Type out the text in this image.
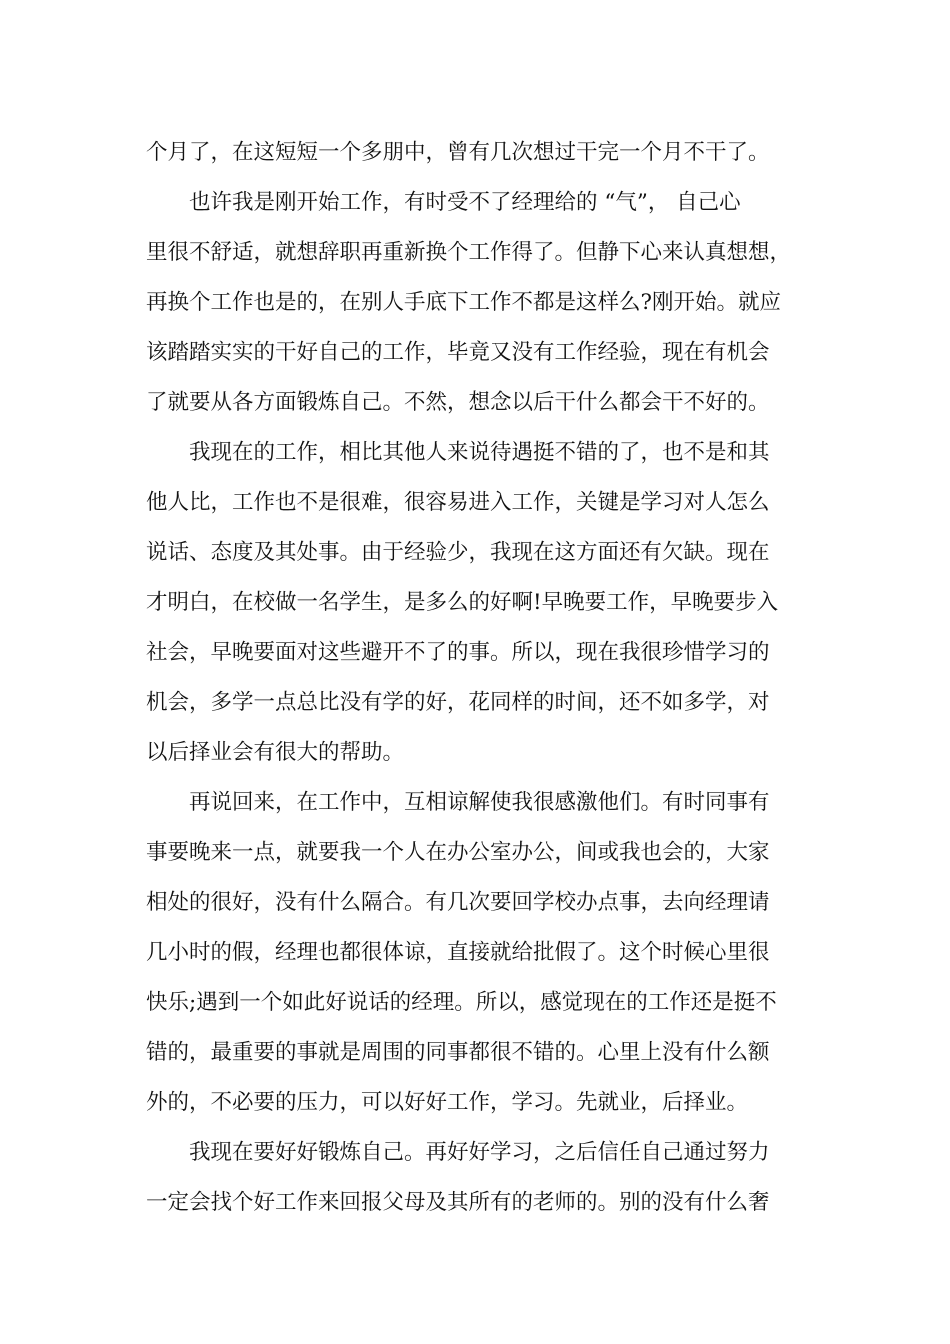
个月了，在这短短一个多朋中，曾有几次想过干完一个月不干了。
也许我是刚开始工作，有时受不了经理给的 “气”， 自己心
里很不舒适，就想辞职再重新换个工作得了。但静下心来认真想想，
再换个工作也是的，在别人手底下工作不都是这样么?刚开始。就应
该踏踏实实的干好自己的工作，毕竟又没有工作经验，现在有机会
了就要从各方面锻炼自己。不然，想念以后干什么都会干不好的。
我现在的工作，相比其他人来说待遇挺不错的了，也不是和其
他人比，工作也不是很难，很容易进入工作，关键是学习对人怎么
说话、态度及其处事。由于经验少，我现在这方面还有欠缺。现在
才明白，在校做一名学生，是多么的好啊!早晚要工作，早晚要步入
社会，早晚要面对这些避开不了的事。所以，现在我很珍惜学习的
机会，多学一点总比没有学的好，花同样的时间，还不如多学，对
以后择业会有很大的帮助。
再说回来，在工作中，互相谅解使我很感激他们。有时同事有
事要晚来一点，就要我一个人在办公室办公，间或我也会的，大家
相处的很好，没有什么隔合。有几次要回学校办点事，去向经理请
几小时的假，经理也都很体谅，直接就给批假了。这个时候心里很
快乐;遇到一个如此好说话的经理。所以，感觉现在的工作还是挺不
错的，最重要的事就是周围的同事都很不错的。心里上没有什么额
外的，不必要的压力，可以好好工作，学习。先就业，后择业。
我现在要好好锻炼自己。再好好学习，之后信任自己通过努力
一定会找个好工作来回报父母及其所有的老师的。别的没有什么奢
